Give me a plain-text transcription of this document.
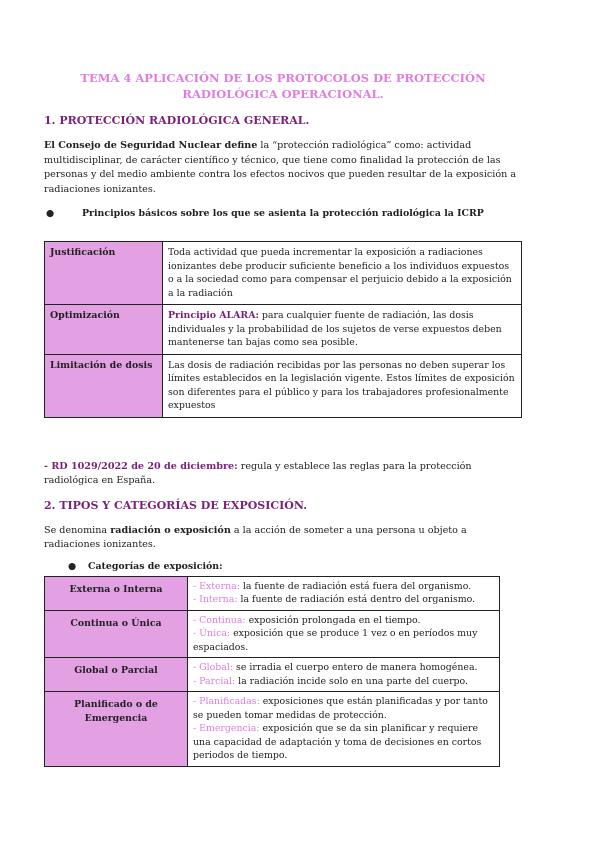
TEMA 4 APLICACIÓN DE LOS PROTOCOLOS DE PROTECCIÓN RADIOLÓGICA OPERACIONAL.
1. PROTECCIÓN RADIOLÓGICA GENERAL.
El Consejo de Seguridad Nuclear define la “protección radiológica” como: actividad multidisciplinar, de carácter científico y técnico, que tiene como finalidad la protección de las personas y del medio ambiente contra los efectos nocivos que pueden resultar de la exposición a radiaciones ionizantes.
●	Principios básicos sobre los que se asienta la protección radiológica la ICRP
Justificación	Toda actividad que pueda incrementar la exposición a radiaciones ionizantes debe producir suficiente beneficio a los individuos expuestos o a la sociedad como para compensar el perjuicio debido a la exposición a la radiación
Optimización	Principio ALARA: para cualquier fuente de radiación, las dosis individuales y la probabilidad de los sujetos de verse expuestos deben mantenerse tan bajas como sea posible.
Limitación de dosis	Las dosis de radiación recibidas por las personas no deben superar los límites establecidos en la legislación vigente. Estos límites de exposición son diferentes para el público y para los trabajadores profesionalmente expuestos
- RD 1029/2022 de 20 de diciembre: regula y establece las reglas para la protección radiológica en España.
2. TIPOS Y CATEGORÍAS DE EXPOSICIÓN.
Se denomina radiación o exposición a la acción de someter a una persona u objeto a radiaciones ionizantes.
●	Categorías de exposición:
Externa o Interna	- Externa: la fuente de radiación está fuera del organismo.
- Interna: la fuente de radiación está dentro del organismo.

Continua o Única	- Continua: exposición prolongada en el tiempo.
- Única: exposición que se produce 1 vez o en períodos muy espaciados.

Global o Parcial	- Global: se irradia el cuerpo entero de manera homogénea.
- Parcial: la radiación incide solo en una parte del cuerpo.

Planificado o de Emergencia	- Planificadas: exposiciones que están planificadas y por tanto se pueden tomar medidas de protección.
- Emergencia: exposición que se da sin planificar y requiere una capacidad de adaptación y toma de decisiones en cortos periodos de tiempo.
